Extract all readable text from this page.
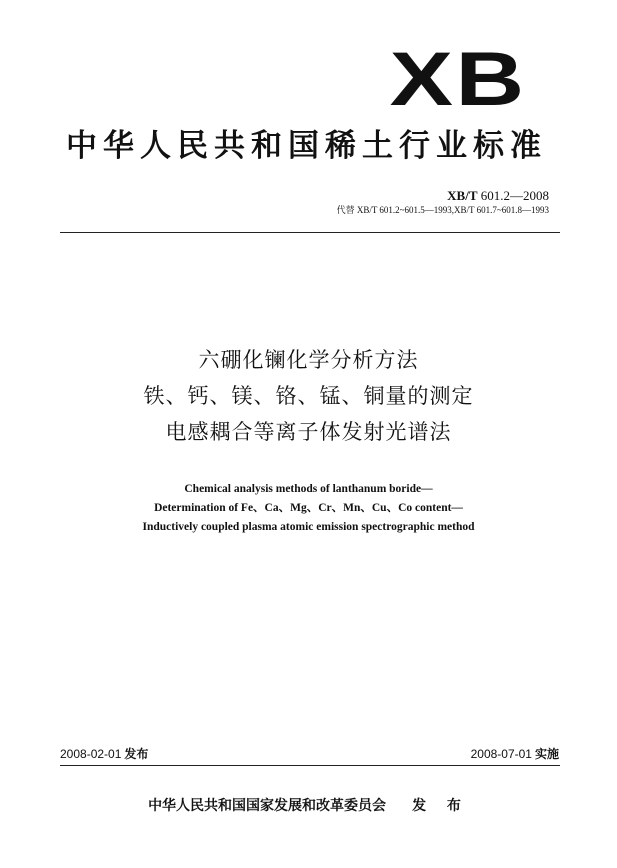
XB
中华人民共和国稀土行业标准
XB/T 601.2—2008
代替 XB/T 601.2~601.5—1993,XB/T 601.7~601.8—1993
六硼化镧化学分析方法
铁、钙、镁、铬、锰、铜量的测定
电感耦合等离子体发射光谱法
Chemical analysis methods of lanthanum boride—
Determination of Fe、Ca、Mg、Cr、Mn、Cu、Co content—
Inductively coupled plasma atomic emission spectrographic method
2008-02-01 发布	2008-07-01 实施
中华人民共和国国家发展和改革委员会 发 布
